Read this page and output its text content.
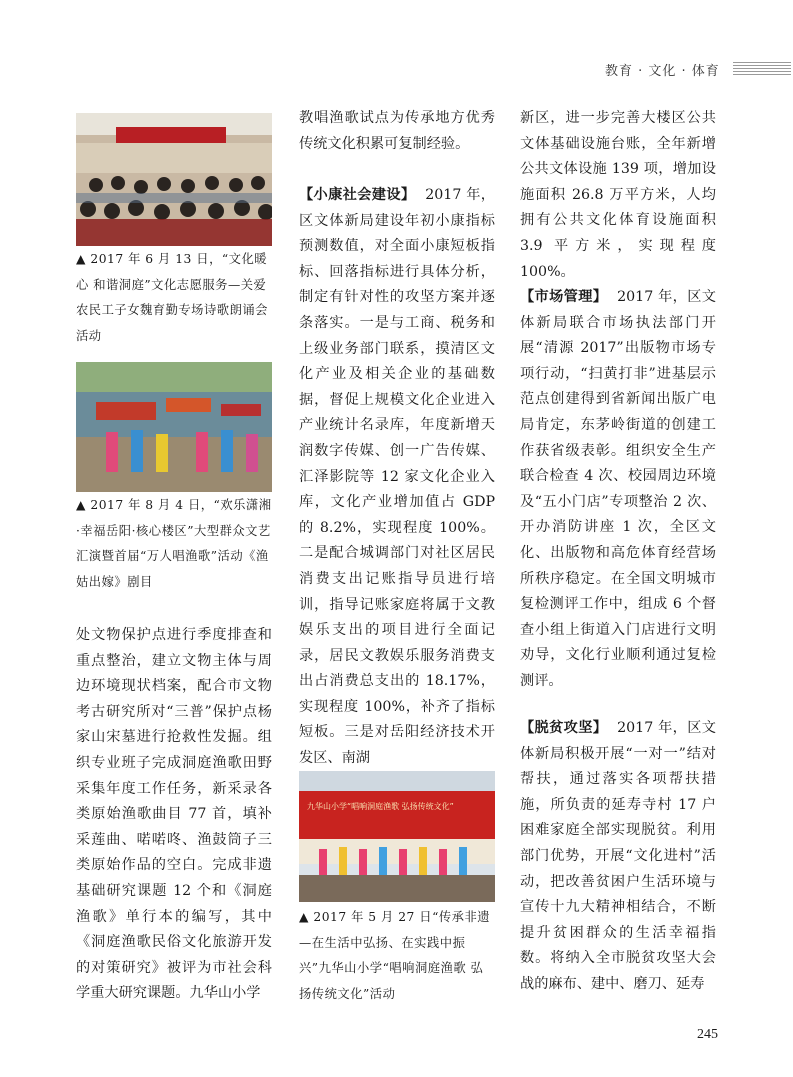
教育 · 文化 · 体育

▲ 2017 年 6 月 13 日，“文化暖心 和谐洞庭”文化志愿服务—关爱农民工子女魏育勤专场诗歌朗诵会活动

▲ 2017 年 8 月 4 日，“欢乐潇湘·幸福岳阳·核心楼区”大型群众文艺汇演暨首届“万人唱渔歌”活动《渔姑出嫁》剧目

处文物保护点进行季度排查和重点整治，建立文物主体与周边环境现状档案，配合市文物考古研究所对“三普”保护点杨家山宋墓进行抢救性发掘。组织专业班子完成洞庭渔歌田野采集年度工作任务，新采录各类原始渔歌曲目 77 首，填补采莲曲、喏喏咚、渔鼓筒子三类原始作品的空白。完成非遗基础研究课题 12 个和《洞庭渔歌》单行本的编写，其中《洞庭渔歌民俗文化旅游开发的对策研究》被评为市社会科学重大研究课题。九华山小学

教唱渔歌试点为传承地方优秀传统文化积累可复制经验。

【小康社会建设】 2017 年，区文体新局建设年初小康指标预测数值，对全面小康短板指标、回落指标进行具体分析，制定有针对性的攻坚方案并逐条落实。一是与工商、税务和上级业务部门联系，摸清区文化产业及相关企业的基础数据，督促上规模文化企业进入产业统计名录库，年度新增天润数字传媒、创一广告传媒、汇泽影院等 12 家文化企业入库，文化产业增加值占 GDP 的 8.2%，实现程度 100%。二是配合城调部门对社区居民消费支出记账指导员进行培训，指导记账家庭将属于文教娱乐支出的项目进行全面记录，居民文教娱乐服务消费支出占消费总支出的 18.17%，实现程度 100%，补齐了指标短板。三是对岳阳经济技术开发区、南湖

九华山小学“唱响洞庭渔歌 弘扬传统文化”

▲ 2017 年 5 月 27 日“传承非遗—在生活中弘扬、在实践中振兴”九华山小学“唱响洞庭渔歌 弘扬传统文化”活动

新区，进一步完善大楼区公共文体基础设施台账，全年新增公共文体设施 139 项，增加设施面积 26.8 万平方米，人均拥有公共文化体育设施面积 3.9 平方米，实现程度 100%。

【市场管理】 2017 年，区文体新局联合市场执法部门开展“清源 2017”出版物市场专项行动，“扫黄打非”进基层示范点创建得到省新闻出版广电局肯定，东茅岭街道的创建工作获省级表彰。组织安全生产联合检查 4 次、校园周边环境及“五小门店”专项整治 2 次、开办消防讲座 1 次，全区文化、出版物和高危体育经营场所秩序稳定。在全国文明城市复检测评工作中，组成 6 个督查小组上街道入门店进行文明劝导，文化行业顺利通过复检测评。

【脱贫攻坚】 2017 年，区文体新局积极开展“一对一”结对帮扶，通过落实各项帮扶措施，所负责的延寿寺村 17 户困难家庭全部实现脱贫。利用部门优势，开展“文化进村”活动，把改善贫困户生活环境与宣传十九大精神相结合，不断提升贫困群众的生活幸福指数。将纳入全市脱贫攻坚大会战的麻布、建中、磨刀、延寿

245
